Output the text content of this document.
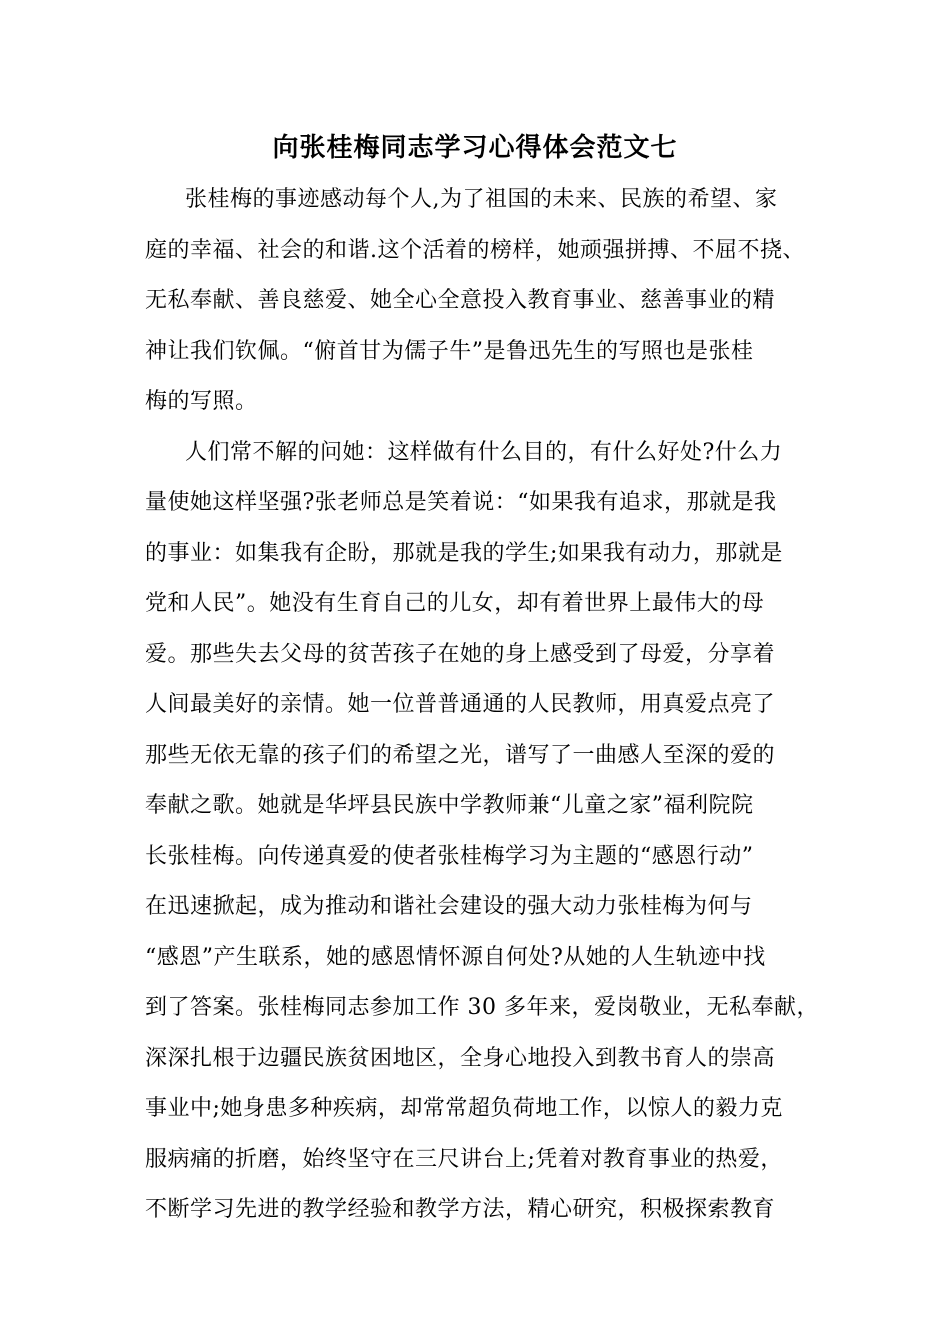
向张桂梅同志学习心得体会范文七
张桂梅的事迹感动每个人,为了祖国的未来、民族的希望、家
庭的幸福、社会的和谐.这个活着的榜样，她顽强拼搏、不屈不挠、
无私奉献、善良慈爱、她全心全意投入教育事业、慈善事业的精
神让我们钦佩。“俯首甘为儒子牛”是鲁迅先生的写照也是张桂
梅的写照。
人们常不解的问她：这样做有什么目的，有什么好处?什么力
量使她这样坚强?张老师总是笑着说：“如果我有追求，那就是我
的事业：如集我有企盼，那就是我的学生;如果我有动力，那就是
党和人民”。她没有生育自己的儿女，却有着世界上最伟大的母
爱。那些失去父母的贫苦孩子在她的身上感受到了母爱，分享着
人间最美好的亲情。她一位普普通通的人民教师，用真爱点亮了
那些无依无靠的孩子们的希望之光，谱写了一曲感人至深的爱的
奉献之歌。她就是华坪县民族中学教师兼“儿童之家”福利院院
长张桂梅。向传递真爱的使者张桂梅学习为主题的“感恩行动”
在迅速掀起，成为推动和谐社会建设的强大动力张桂梅为何与
“感恩”产生联系，她的感恩情怀源自何处?从她的人生轨迹中找
到了答案。张桂梅同志参加工作 30 多年来，爱岗敬业，无私奉献，
深深扎根于边疆民族贫困地区，全身心地投入到教书育人的崇高
事业中;她身患多种疾病，却常常超负荷地工作，以惊人的毅力克
服病痛的折磨，始终坚守在三尺讲台上;凭着对教育事业的热爱，
不断学习先进的教学经验和教学方法，精心研究，积极探索教育
